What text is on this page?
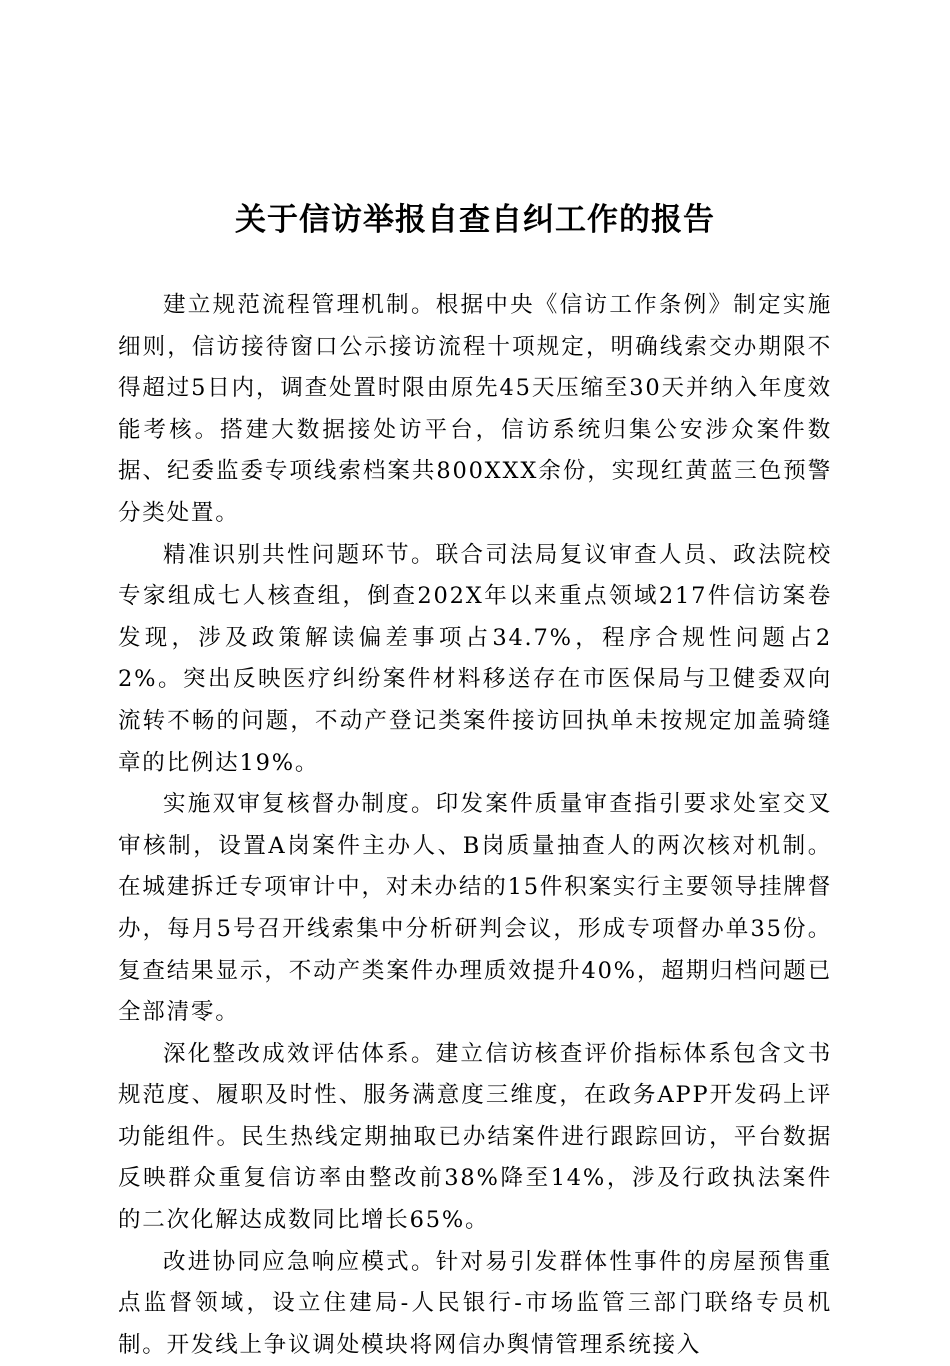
关于信访举报自查自纠工作的报告

建立规范流程管理机制。根据中央《信访工作条例》制定实施细则，信访接待窗口公示接访流程十项规定，明确线索交办期限不得超过5日内，调查处置时限由原先45天压缩至30天并纳入年度效能考核。搭建大数据接处访平台，信访系统归集公安涉众案件数据、纪委监委专项线索档案共800XXX余份，实现红黄蓝三色预警分类处置。

精准识别共性问题环节。联合司法局复议审查人员、政法院校专家组成七人核查组，倒查202X年以来重点领域217件信访案卷发现，涉及政策解读偏差事项占34.7%，程序合规性问题占22%。突出反映医疗纠纷案件材料移送存在市医保局与卫健委双向流转不畅的问题，不动产登记类案件接访回执单未按规定加盖骑缝章的比例达19%。

实施双审复核督办制度。印发案件质量审查指引要求处室交叉审核制，设置A岗案件主办人、B岗质量抽查人的两次核对机制。在城建拆迁专项审计中，对未办结的15件积案实行主要领导挂牌督办，每月5号召开线索集中分析研判会议，形成专项督办单35份。复查结果显示，不动产类案件办理质效提升40%，超期归档问题已全部清零。

深化整改成效评估体系。建立信访核查评价指标体系包含文书规范度、履职及时性、服务满意度三维度，在政务APP开发码上评功能组件。民生热线定期抽取已办结案件进行跟踪回访，平台数据反映群众重复信访率由整改前38%降至14%，涉及行政执法案件的二次化解达成数同比增长65%。

改进协同应急响应模式。针对易引发群体性事件的房屋预售重点监督领域，设立住建局-人民银行-市场监管三部门联络专员机制。开发线上争议调处模块将网信办舆情管理系统接入
